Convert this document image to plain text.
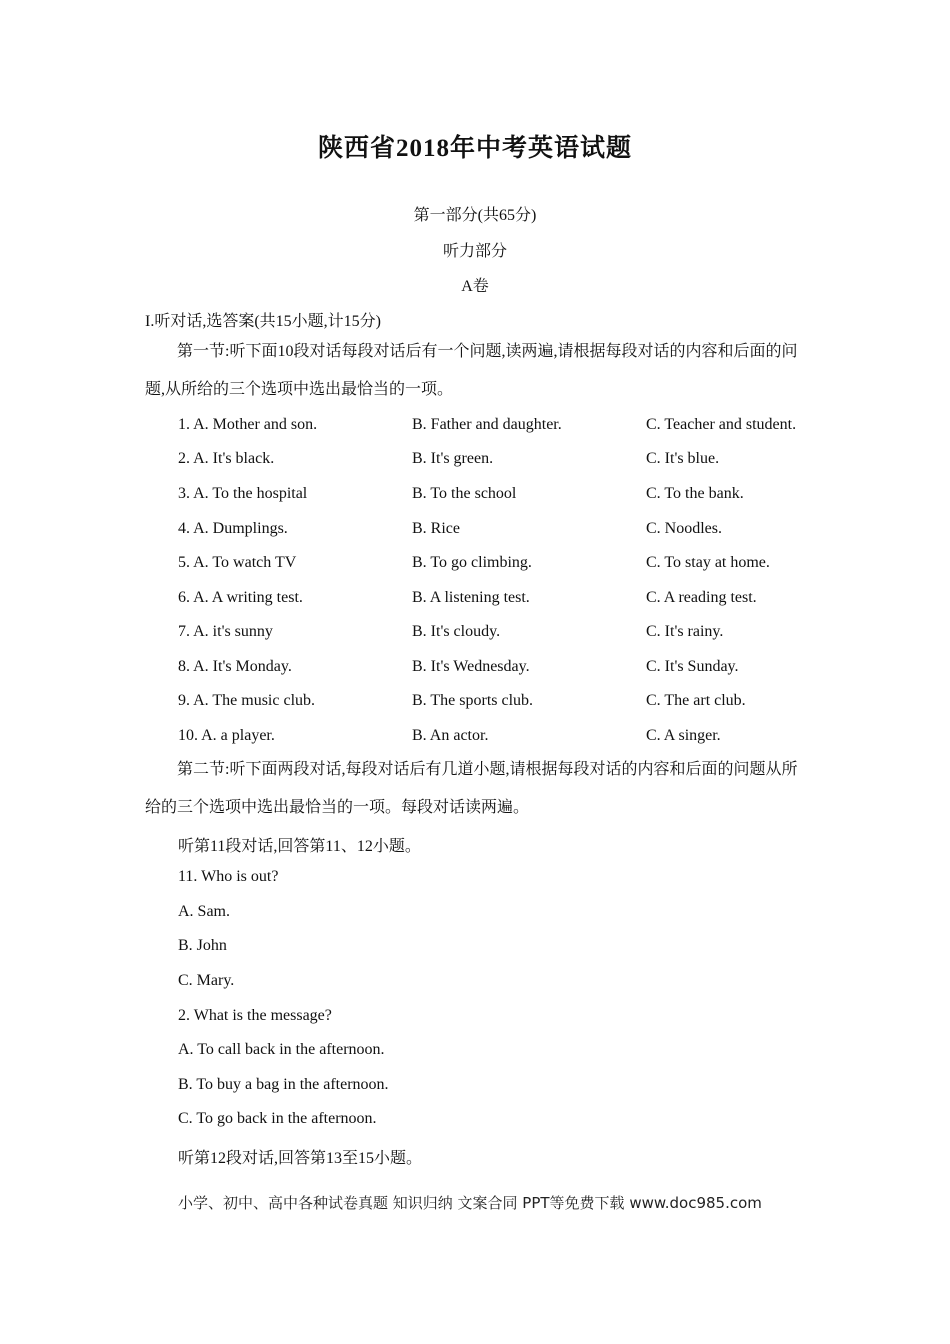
陕西省2018年中考英语试题
第一部分(共65分)
听力部分
A卷
I.听对话,选答案(共15小题,计15分)
第一节:听下面10段对话每段对话后有一个问题,读两遍,请根据每段对话的内容和后面的问题,从所给的三个选项中选出最恰当的一项。
1. A. Mother and son.	B. Father and daughter.	C. Teacher and student.
2. A. It's black.	B. It's green.	C. It's blue.
3. A. To the hospital	B. To the school	C. To the bank.
4. A. Dumplings.	B. Rice	C. Noodles.
5. A. To watch TV	B. To go climbing.	C. To stay at home.
6. A. A writing test.	B. A listening test.	C. A reading test.
7. A. it's sunny	B. It's cloudy.	C. It's rainy.
8. A. It's Monday.	B. It's Wednesday.	C. It's Sunday.
9. A. The music club.	B. The sports club.	C. The art club.
10. A. a player.	B. An actor.	C. A singer.
第二节:听下面两段对话,每段对话后有几道小题,请根据每段对话的内容和后面的问题从所给的三个选项中选出最恰当的一项。每段对话读两遍。
听第11段对话,回答第11、12小题。
11. Who is out?
A. Sam.
B. John
C. Mary.
2. What is the message?
A. To call back in the afternoon.
B. To buy a bag in the afternoon.
C. To go back in the afternoon.
听第12段对话,回答第13至15小题。
小学、初中、高中各种试卷真题 知识归纳 文案合同 PPT等免费下载 www.doc985.com
